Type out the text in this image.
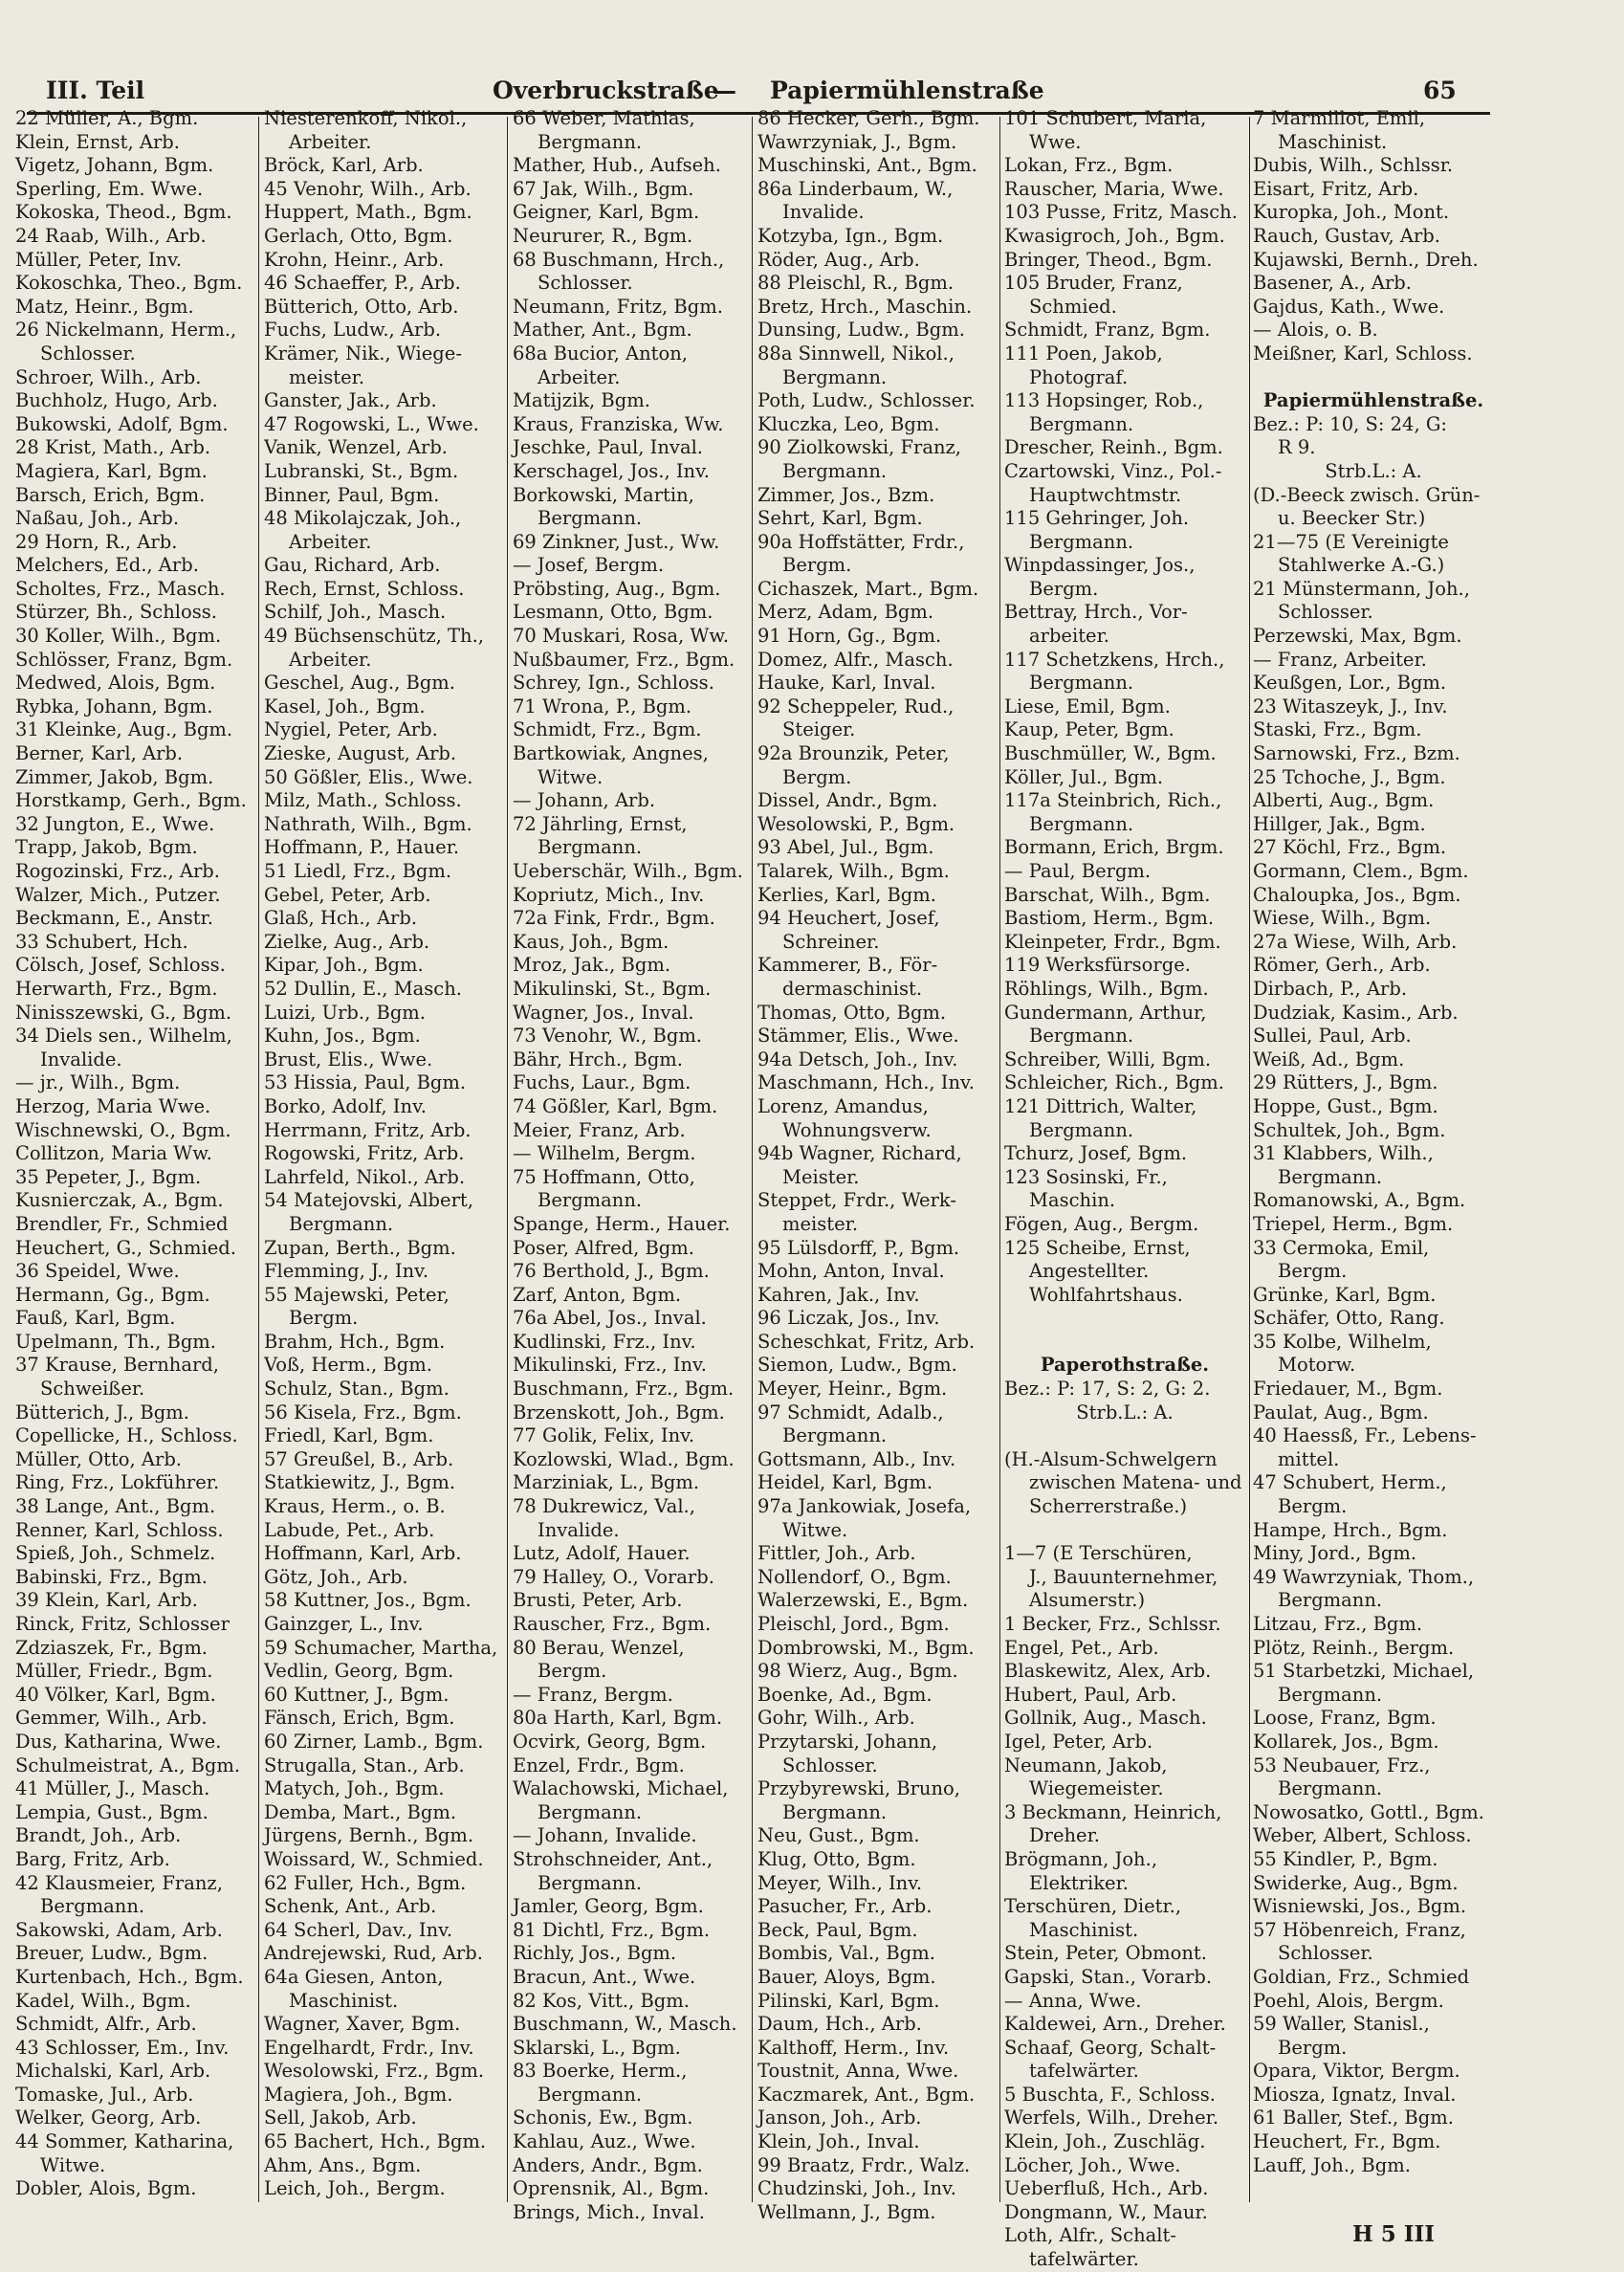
III. Teil	Overbruckstraße
— Papiermühlenstraße	65
22 Müller, A., Bgm.
Klein, Ernst, Arb.
Vigetz, Johann, Bgm.
Sperling, Em. Wwe.
Kokoska, Theod., Bgm.
24 Raab, Wilh., Arb.
Müller, Peter, Inv.
Kokoschka, Theo., Bgm.
Matz, Heinr., Bgm.
26 Nickelmann, Herm.,
Schlosser.
Schroer, Wilh., Arb.
Buchholz, Hugo, Arb.
Bukowski, Adolf, Bgm.
28 Krist, Math., Arb.
Magiera, Karl, Bgm.
Barsch, Erich, Bgm.
Naßau, Joh., Arb.
29 Horn, R., Arb.
Melchers, Ed., Arb.
Scholtes, Frz., Masch.
Stürzer, Bh., Schloss.
30 Koller, Wilh., Bgm.
Schlösser, Franz, Bgm.
Medwed, Alois, Bgm.
Rybka, Johann, Bgm.
31 Kleinke, Aug., Bgm.
Berner, Karl, Arb.
Zimmer, Jakob, Bgm.
Horstkamp, Gerh., Bgm.
32 Jungton, E., Wwe.
Trapp, Jakob, Bgm.
Rogozinski, Frz., Arb.
Walzer, Mich., Putzer.
Beckmann, E., Anstr.
33 Schubert, Hch.
Cölsch, Josef, Schloss.
Herwarth, Frz., Bgm.
Ninisszewski, G., Bgm.
34 Diels sen., Wilhelm,
Invalide.
— jr., Wilh., Bgm.
Herzog, Maria Wwe.
Wischnewski, O., Bgm.
Collitzon, Maria Ww.
35 Pepeter, J., Bgm.
Kusnierczak, A., Bgm.
Brendler, Fr., Schmied
Heuchert, G., Schmied.
36 Speidel, Wwe.
Hermann, Gg., Bgm.
Fauß, Karl, Bgm.
Upelmann, Th., Bgm.
37 Krause, Bernhard,
Schweißer.
Bütterich, J., Bgm.
Copellicke, H., Schloss.
Müller, Otto, Arb.
Ring, Frz., Lokführer.
38 Lange, Ant., Bgm.
Renner, Karl, Schloss.
Spieß, Joh., Schmelz.
Babinski, Frz., Bgm.
39 Klein, Karl, Arb.
Rinck, Fritz, Schlosser
Zdziaszek, Fr., Bgm.
Müller, Friedr., Bgm.
40 Völker, Karl, Bgm.
Gemmer, Wilh., Arb.
Dus, Katharina, Wwe.
Schulmeistrat, A., Bgm.
41 Müller, J., Masch.
Lempia, Gust., Bgm.
Brandt, Joh., Arb.
Barg, Fritz, Arb.
42 Klausmeier, Franz,
Bergmann.
Sakowski, Adam, Arb.
Breuer, Ludw., Bgm.
Kurtenbach, Hch., Bgm.
Kadel, Wilh., Bgm.
Schmidt, Alfr., Arb.
43 Schlosser, Em., Inv.
Michalski, Karl, Arb.
Tomaske, Jul., Arb.
Welker, Georg, Arb.
44 Sommer, Katharina,
Witwe.
Dobler, Alois, Bgm.
Niesterenkoff, Nikol.,
Arbeiter.
Bröck, Karl, Arb.
45 Venohr, Wilh., Arb.
Huppert, Math., Bgm.
Gerlach, Otto, Bgm.
Krohn, Heinr., Arb.
46 Schaeffer, P., Arb.
Bütterich, Otto, Arb.
Fuchs, Ludw., Arb.
Krämer, Nik., Wiege-
meister.
Ganster, Jak., Arb.
47 Rogowski, L., Wwe.
Vanik, Wenzel, Arb.
Lubranski, St., Bgm.
Binner, Paul, Bgm.
48 Mikolajczak, Joh.,
Arbeiter.
Gau, Richard, Arb.
Rech, Ernst, Schloss.
Schilf, Joh., Masch.
49 Büchsenschütz, Th.,
Arbeiter.
Geschel, Aug., Bgm.
Kasel, Joh., Bgm.
Nygiel, Peter, Arb.
Zieske, August, Arb.
50 Gößler, Elis., Wwe.
Milz, Math., Schloss.
Nathrath, Wilh., Bgm.
Hoffmann, P., Hauer.
51 Liedl, Frz., Bgm.
Gebel, Peter, Arb.
Glaß, Hch., Arb.
Zielke, Aug., Arb.
Kipar, Joh., Bgm.
52 Dullin, E., Masch.
Luizi, Urb., Bgm.
Kuhn, Jos., Bgm.
Brust, Elis., Wwe.
53 Hissia, Paul, Bgm.
Borko, Adolf, Inv.
Herrmann, Fritz, Arb.
Rogowski, Fritz, Arb.
Lahrfeld, Nikol., Arb.
54 Matejovski, Albert,
Bergmann.
Zupan, Berth., Bgm.
Flemming, J., Inv.
55 Majewski, Peter,
Bergm.
Brahm, Hch., Bgm.
Voß, Herm., Bgm.
Schulz, Stan., Bgm.
56 Kisela, Frz., Bgm.
Friedl, Karl, Bgm.
57 Greußel, B., Arb.
Statkiewitz, J., Bgm.
Kraus, Herm., o. B.
Labude, Pet., Arb.
Hoffmann, Karl, Arb.
Götz, Joh., Arb.
58 Kuttner, Jos., Bgm.
Gainzger, L., Inv.
59 Schumacher, Martha,
Vedlin, Georg, Bgm.
60 Kuttner, J., Bgm.
Fänsch, Erich, Bgm.
60 Zirner, Lamb., Bgm.
Strugalla, Stan., Arb.
Matych, Joh., Bgm.
Demba, Mart., Bgm.
Jürgens, Bernh., Bgm.
Woissard, W., Schmied.
62 Fuller, Hch., Bgm.
Schenk, Ant., Arb.
64 Scherl, Dav., Inv.
Andrejewski, Rud, Arb.
64a Giesen, Anton,
Maschinist.
Wagner, Xaver, Bgm.
Engelhardt, Frdr., Inv.
Wesolowski, Frz., Bgm.
Magiera, Joh., Bgm.
Sell, Jakob, Arb.
65 Bachert, Hch., Bgm.
Ahm, Ans., Bgm.
Leich, Joh., Bergm.
66 Weber, Mathias,
Bergmann.
Mather, Hub., Aufseh.
67 Jak, Wilh., Bgm.
Geigner, Karl, Bgm.
Neururer, R., Bgm.
68 Buschmann, Hrch.,
Schlosser.
Neumann, Fritz, Bgm.
Mather, Ant., Bgm.
68a Bucior, Anton,
Arbeiter.
Matijzik, Bgm.
Kraus, Franziska, Ww.
Jeschke, Paul, Inval.
Kerschagel, Jos., Inv.
Borkowski, Martin,
Bergmann.
69 Zinkner, Just., Ww.
— Josef, Bergm.
Pröbsting, Aug., Bgm.
Lesmann, Otto, Bgm.
70 Muskari, Rosa, Ww.
Nußbaumer, Frz., Bgm.
Schrey, Ign., Schloss.
71 Wrona, P., Bgm.
Schmidt, Frz., Bgm.
Bartkowiak, Angnes,
Witwe.
— Johann, Arb.
72 Jährling, Ernst,
Bergmann.
Ueberschär, Wilh., Bgm.
Kopriutz, Mich., Inv.
72a Fink, Frdr., Bgm.
Kaus, Joh., Bgm.
Mroz, Jak., Bgm.
Mikulinski, St., Bgm.
Wagner, Jos., Inval.
73 Venohr, W., Bgm.
Bähr, Hrch., Bgm.
Fuchs, Laur., Bgm.
74 Gößler, Karl, Bgm.
Meier, Franz, Arb.
— Wilhelm, Bergm.
75 Hoffmann, Otto,
Bergmann.
Spange, Herm., Hauer.
Poser, Alfred, Bgm.
76 Berthold, J., Bgm.
Zarf, Anton, Bgm.
76a Abel, Jos., Inval.
Kudlinski, Frz., Inv.
Mikulinski, Frz., Inv.
Buschmann, Frz., Bgm.
Brzenskott, Joh., Bgm.
77 Golik, Felix, Inv.
Kozlowski, Wlad., Bgm.
Marziniak, L., Bgm.
78 Dukrewicz, Val.,
Invalide.
Lutz, Adolf, Hauer.
79 Halley, O., Vorarb.
Brusti, Peter, Arb.
Rauscher, Frz., Bgm.
80 Berau, Wenzel,
Bergm.
— Franz, Bergm.
80a Harth, Karl, Bgm.
Ocvirk, Georg, Bgm.
Enzel, Frdr., Bgm.
Walachowski, Michael,
Bergmann.
— Johann, Invalide.
Strohschneider, Ant.,
Bergmann.
Jamler, Georg, Bgm.
81 Dichtl, Frz., Bgm.
Richly, Jos., Bgm.
Bracun, Ant., Wwe.
82 Kos, Vitt., Bgm.
Buschmann, W., Masch.
Sklarski, L., Bgm.
83 Boerke, Herm.,
Bergmann.
Schonis, Ew., Bgm.
Kahlau, Auz., Wwe.
Anders, Andr., Bgm.
Oprensnik, Al., Bgm.
Brings, Mich., Inval.
86 Hecker, Gerh., Bgm.
Wawrzyniak, J., Bgm.
Muschinski, Ant., Bgm.
86a Linderbaum, W.,
Invalide.
Kotzyba, Ign., Bgm.
Röder, Aug., Arb.
88 Pleischl, R., Bgm.
Bretz, Hrch., Maschin.
Dunsing, Ludw., Bgm.
88a Sinnwell, Nikol.,
Bergmann.
Poth, Ludw., Schlosser.
Kluczka, Leo, Bgm.
90 Ziolkowski, Franz,
Bergmann.
Zimmer, Jos., Bzm.
Sehrt, Karl, Bgm.
90a Hoffstätter, Frdr.,
Bergm.
Cichaszek, Mart., Bgm.
Merz, Adam, Bgm.
91 Horn, Gg., Bgm.
Domez, Alfr., Masch.
Hauke, Karl, Inval.
92 Scheppeler, Rud.,
Steiger.
92a Brounzik, Peter,
Bergm.
Dissel, Andr., Bgm.
Wesolowski, P., Bgm.
93 Abel, Jul., Bgm.
Talarek, Wilh., Bgm.
Kerlies, Karl, Bgm.
94 Heuchert, Josef,
Schreiner.
Kammerer, B., För-
dermaschinist.
Thomas, Otto, Bgm.
Stämmer, Elis., Wwe.
94a Detsch, Joh., Inv.
Maschmann, Hch., Inv.
Lorenz, Amandus,
Wohnungsverw.
94b Wagner, Richard,
Meister.
Steppet, Frdr., Werk-
meister.
95 Lülsdorff, P., Bgm.
Mohn, Anton, Inval.
Kahren, Jak., Inv.
96 Liczak, Jos., Inv.
Scheschkat, Fritz, Arb.
Siemon, Ludw., Bgm.
Meyer, Heinr., Bgm.
97 Schmidt, Adalb.,
Bergmann.
Gottsmann, Alb., Inv.
Heidel, Karl, Bgm.
97a Jankowiak, Josefa,
Witwe.
Fittler, Joh., Arb.
Nollendorf, O., Bgm.
Walerzewski, E., Bgm.
Pleischl, Jord., Bgm.
Dombrowski, M., Bgm.
98 Wierz, Aug., Bgm.
Boenke, Ad., Bgm.
Gohr, Wilh., Arb.
Przytarski, Johann,
Schlosser.
Przybyrewski, Bruno,
Bergmann.
Neu, Gust., Bgm.
Klug, Otto, Bgm.
Meyer, Wilh., Inv.
Pasucher, Fr., Arb.
Beck, Paul, Bgm.
Bombis, Val., Bgm.
Bauer, Aloys, Bgm.
Pilinski, Karl, Bgm.
Daum, Hch., Arb.
Kalthoff, Herm., Inv.
Toustnit, Anna, Wwe.
Kaczmarek, Ant., Bgm.
Janson, Joh., Arb.
Klein, Joh., Inval.
99 Braatz, Frdr., Walz.
Chudzinski, Joh., Inv.
Wellmann, J., Bgm.
101 Schubert, Maria,
Wwe.
Lokan, Frz., Bgm.
Rauscher, Maria, Wwe.
103 Pusse, Fritz, Masch.
Kwasigroch, Joh., Bgm.
Bringer, Theod., Bgm.
105 Bruder, Franz,
Schmied.
Schmidt, Franz, Bgm.
111 Poen, Jakob,
Photograf.
113 Hopsinger, Rob.,
Bergmann.
Drescher, Reinh., Bgm.
Czartowski, Vinz., Pol.-
Hauptwchtmstr.
115 Gehringer, Joh.
Bergmann.
Winpdassinger, Jos.,
Bergm.
Bettray, Hrch., Vor-
arbeiter.
117 Schetzkens, Hrch.,
Bergmann.
Liese, Emil, Bgm.
Kaup, Peter, Bgm.
Buschmüller, W., Bgm.
Köller, Jul., Bgm.
117a Steinbrich, Rich.,
Bergmann.
Bormann, Erich, Brgm.
— Paul, Bergm.
Barschat, Wilh., Bgm.
Bastiom, Herm., Bgm.
Kleinpeter, Frdr., Bgm.
119 Werksfürsorge.
Röhlings, Wilh., Bgm.
Gundermann, Arthur,
Bergmann.
Schreiber, Willi, Bgm.
Schleicher, Rich., Bgm.
121 Dittrich, Walter,
Bergmann.
Tchurz, Josef, Bgm.
123 Sosinski, Fr.,
Maschin.
Fögen, Aug., Bergm.
125 Scheibe, Ernst,
Angestellter.
Wohlfahrtshaus.

Paperothstraße.
Bez.: P: 17, S: 2, G: 2.
Strb.L.: A.

(H.-Alsum-Schwelgern
zwischen Matena- und
Scherrerstraße.)

1—7 (E Terschüren,
J., Bauunternehmer,
Alsumerstr.)
1 Becker, Frz., Schlssr.
Engel, Pet., Arb.
Blaskewitz, Alex, Arb.
Hubert, Paul, Arb.
Gollnik, Aug., Masch.
Igel, Peter, Arb.
Neumann, Jakob,
Wiegemeister.
3 Beckmann, Heinrich,
Dreher.
Brögmann, Joh.,
Elektriker.
Terschüren, Dietr.,
Maschinist.
Stein, Peter, Obmont.
Gapski, Stan., Vorarb.
— Anna, Wwe.
Kaldewei, Arn., Dreher.
Schaaf, Georg, Schalt-
tafelwärter.
5 Buschta, F., Schloss.
Werfels, Wilh., Dreher.
Klein, Joh., Zuschläg.
Löcher, Joh., Wwe.
Ueberfluß, Hch., Arb.
Dongmann, W., Maur.
Loth, Alfr., Schalt-
tafelwärter.
7 Marmillot, Emil,
Maschinist.
Dubis, Wilh., Schlssr.
Eisart, Fritz, Arb.
Kuropka, Joh., Mont.
Rauch, Gustav, Arb.
Kujawski, Bernh., Dreh.
Basener, A., Arb.
Gajdus, Kath., Wwe.
— Alois, o. B.
Meißner, Karl, Schloss.

Papiermühlenstraße.
Bez.: P: 10, S: 24, G:
R 9.
Strb.L.: A.
(D.-Beeck zwisch. Grün-
u. Beecker Str.)
21—75 (E Vereinigte
Stahlwerke A.-G.)
21 Münstermann, Joh.,
Schlosser.
Perzewski, Max, Bgm.
— Franz, Arbeiter.
Keußgen, Lor., Bgm.
23 Witaszeyk, J., Inv.
Staski, Frz., Bgm.
Sarnowski, Frz., Bzm.
25 Tchoche, J., Bgm.
Alberti, Aug., Bgm.
Hillger, Jak., Bgm.
27 Köchl, Frz., Bgm.
Gormann, Clem., Bgm.
Chaloupka, Jos., Bgm.
Wiese, Wilh., Bgm.
27a Wiese, Wilh, Arb.
Römer, Gerh., Arb.
Dirbach, P., Arb.
Dudziak, Kasim., Arb.
Sullei, Paul, Arb.
Weiß, Ad., Bgm.
29 Rütters, J., Bgm.
Hoppe, Gust., Bgm.
Schultek, Joh., Bgm.
31 Klabbers, Wilh.,
Bergmann.
Romanowski, A., Bgm.
Triepel, Herm., Bgm.
33 Cermoka, Emil,
Bergm.
Grünke, Karl, Bgm.
Schäfer, Otto, Rang.
35 Kolbe, Wilhelm,
Motorw.
Friedauer, M., Bgm.
Paulat, Aug., Bgm.
40 Haessß, Fr., Lebens-
mittel.
47 Schubert, Herm.,
Bergm.
Hampe, Hrch., Bgm.
Miny, Jord., Bgm.
49 Wawrzyniak, Thom.,
Bergmann.
Litzau, Frz., Bgm.
Plötz, Reinh., Bergm.
51 Starbetzki, Michael,
Bergmann.
Loose, Franz, Bgm.
Kollarek, Jos., Bgm.
53 Neubauer, Frz.,
Bergmann.
Nowosatko, Gottl., Bgm.
Weber, Albert, Schloss.
55 Kindler, P., Bgm.
Swiderke, Aug., Bgm.
Wisniewski, Jos., Bgm.
57 Höbenreich, Franz,
Schlosser.
Goldian, Frz., Schmied
Poehl, Alois, Bergm.
59 Waller, Stanisl.,
Bergm.
Opara, Viktor, Bergm.
Miosza, Ignatz, Inval.
61 Baller, Stef., Bgm.
Heuchert, Fr., Bgm.
Lauff, Joh., Bgm.
H 5 III
